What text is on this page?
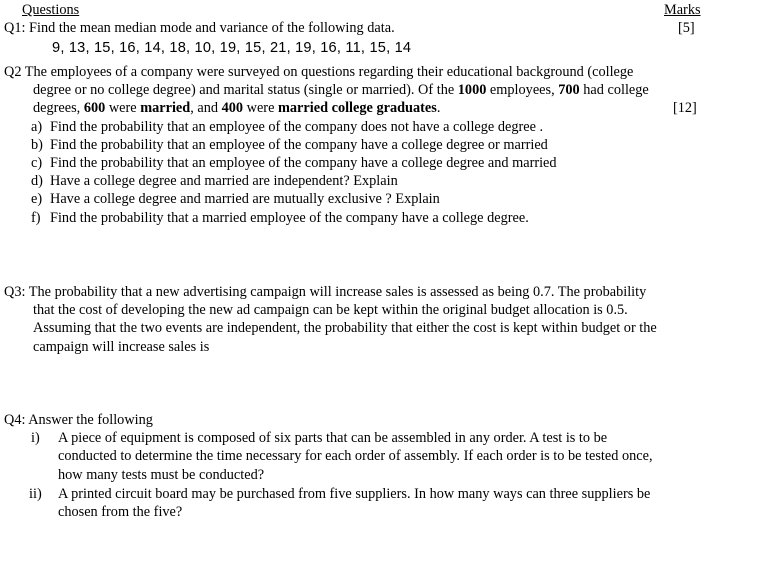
Questions	Marks
Q1: Find the mean median mode and variance of the following data.	[5]
9, 13, 15, 16, 14, 18, 10, 19, 15, 21, 19, 16, 11, 15, 14
Q2 The employees of a company were surveyed on questions regarding their educational background (college
degree or no college degree) and marital status (single or married). Of the 1000 employees, 700 had college
degrees, 600 were married, and 400 were married college graduates.	[12]
a) Find the probability that an employee of the company does not have a college degree .
b) Find the probability that an employee of the company have a college degree or married
c) Find the probability that an employee of the company have a college degree and married
d) Have a college degree and married are independent? Explain
e) Have a college degree and married are mutually exclusive ? Explain
f) Find the probability that a married employee of the company have a college degree.
Q3: The probability that a new advertising campaign will increase sales is assessed as being 0.7. The probability
that the cost of developing the new ad campaign can be kept within the original budget allocation is 0.5.
Assuming that the two events are independent, the probability that either the cost is kept within budget or the
campaign will increase sales is
Q4: Answer the following
i) A piece of equipment is composed of six parts that can be assembled in any order. A test is to be
conducted to determine the time necessary for each order of assembly. If each order is to be tested once,
how many tests must be conducted?
ii) A printed circuit board may be purchased from five suppliers. In how many ways can three suppliers be
chosen from the five?
